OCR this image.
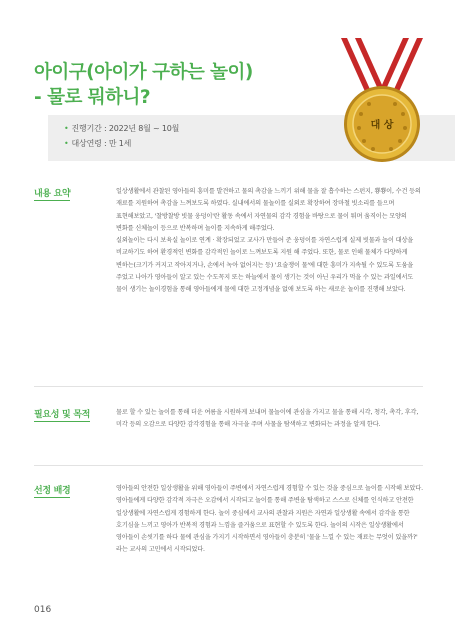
아이구(아이가 구하는 놀이)
- 물로 뭐하니?
• 진행기간 : 2022년 8월 ~ 10월
• 대상연령 : 만 1세
대 상
내용 요약	일상생활에서 관찰된 영아들의 흥미를 발견하고 물의 촉감을 느끼기 위해 물을 잘 흡수하는 스펀지, 뿅뿅이, 수건 등의 재료를 지원하여 촉감을 느껴보도록 하였다. 실내에서의 물놀이를 실외로 확장하여 장마철 빗소리를 들으며 표현해보았고, '찰방찰방 빗물 웅덩이'란 활동 속에서 자연물의 감각 경험을 바탕으로 물이 튀며 움직이는 모양의 변화를 신체놀이 등으로 반복하며 놀이를 지속하게 해주었다.

실외놀이는 다시 보육실 놀이로 연계 · 확장되었고 교사가 만들어 준 웅덩이를 자연스럽게 실제 빗물과 놀이 대상을 비교하기도 하여 환경적인 변화를 감각적인 놀이로 느껴보도록 지원 해 주었다. 또한, 물로 인해 물체가 다양하게 변하는(크기가 커지고 작아지거나, 손에서 녹아 없어지는 등) '요술쟁이 물'에 대한 흥미가 지속될 수 있도록 도움을 주었고 나아가 영아들이 알고 있는 수도꼭지 또는 하늘에서 물이 생기는 것이 아닌 우리가 먹을 수 있는 과일에서도 물이 생기는 놀이경험을 통해 영아들에게 물에 대한 고정개념을 없애 보도록 하는 새로운 놀이를 진행해 보았다.

필요성 및 목적	물로 할 수 있는 놀이를 통해 더운 여름을 시원하게 보내며 물놀이에 관심을 가지고 물을 통해 시각, 청각, 촉각, 후각, 미각 등의 오감으로 다양한 감각경험을 통해 자극을 주며 사물을 탐색하고 변화되는 과정을 알게 한다.

선정 배경	영아들의 안전한 일상생활을 위해 영아들이 주변에서 자연스럽게 경험할 수 있는 것을 중심으로 놀이를 시작해 보았다. 영아들에게 다양한 감각적 자극은 오감에서 시작되고 놀이를 통해 주변을 탐색하고 스스로 신체를 인식하고 안전한 일상생활에 자연스럽게 경험하게 한다. 놀이 중심에서 교사의 관찰과 지원은 자연과 일상생활 속에서 감각을 통한 호기심을 느끼고 영아가 반복적 경험과 느낌을 즐거움으로 표현할 수 있도록 한다. 놀이의 시작은 일상생활에서 영아들이 손씻기를 하다 물에 관심을 가지기 시작하면서 영아들이 충분히 '물을 느낄 수 있는 재료는 무엇이 있을까?' 라는 교사의 고민에서 시작되었다.

016
